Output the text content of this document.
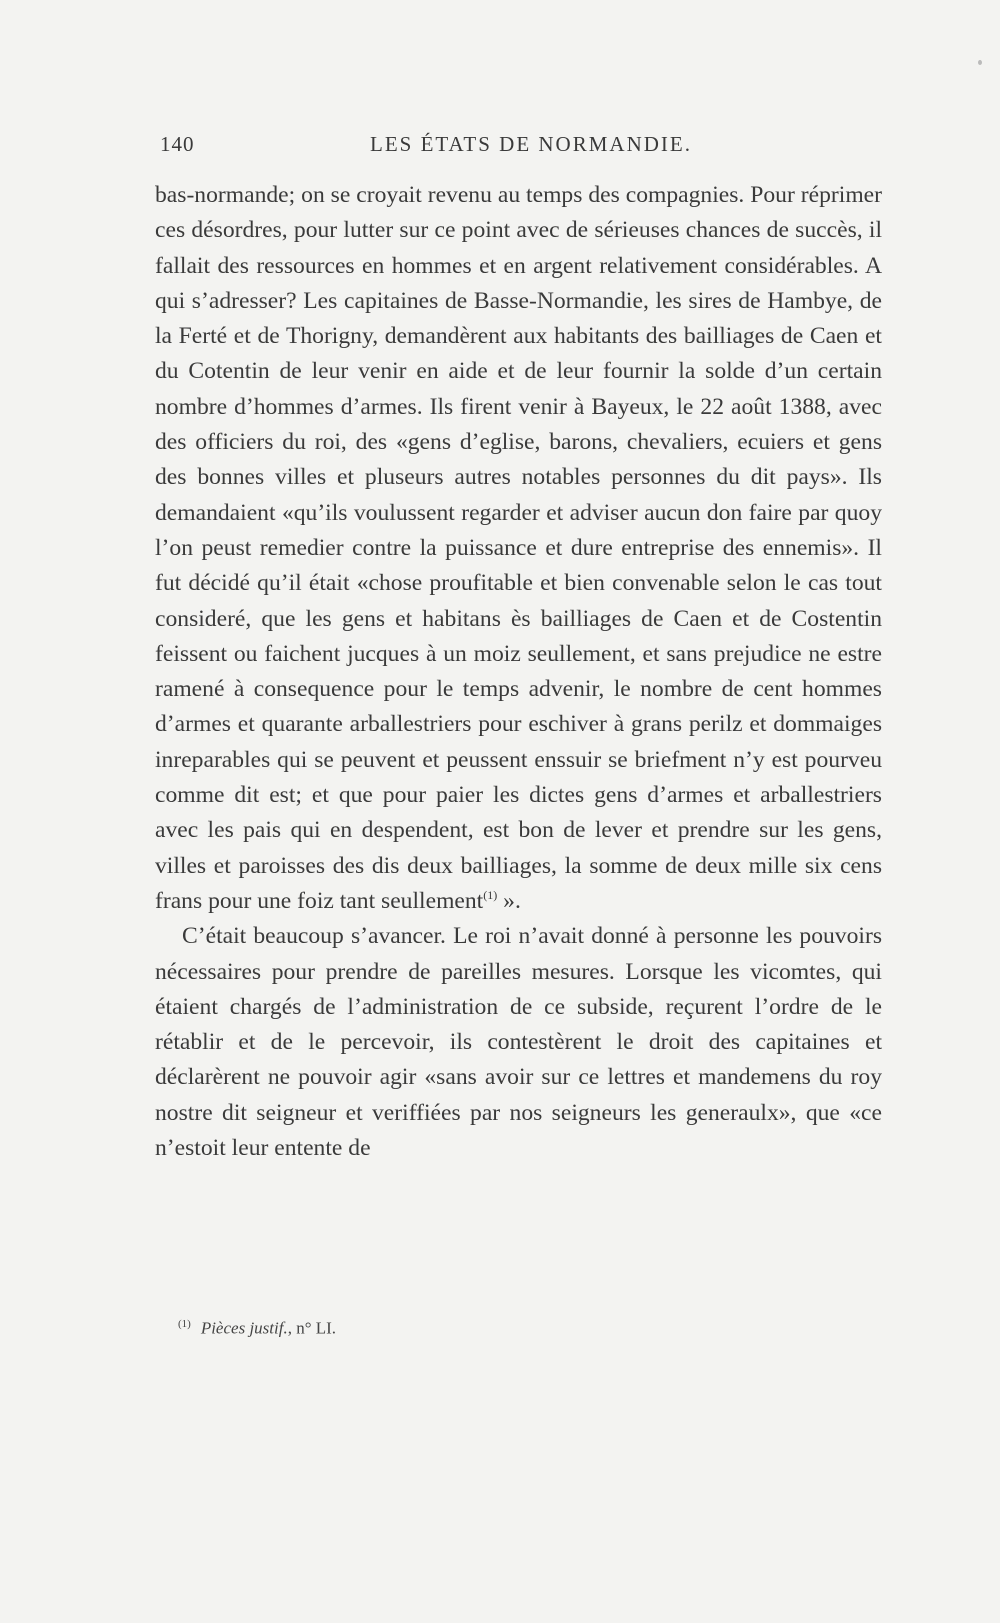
140	LES ÉTATS DE NORMANDIE.

bas-normande; on se croyait revenu au temps des compagnies. Pour réprimer ces désordres, pour lutter sur ce point avec de sérieuses chances de succès, il fallait des ressources en hommes et en argent relativement considérables. A qui s’adresser? Les capitaines de Basse-Normandie, les sires de Hambye, de la Ferté et de Thorigny, demandèrent aux habitants des bailliages de Caen et du Cotentin de leur venir en aide et de leur fournir la solde d’un certain nombre d’hommes d’armes. Ils firent venir à Bayeux, le 22 août 1388, avec des officiers du roi, des «gens d’eglise, barons, chevaliers, ecuiers et gens des bonnes villes et pluseurs autres notables personnes du dit pays». Ils demandaient «qu’ils voulussent regarder et adviser aucun don faire par quoy l’on peust remedier contre la puissance et dure entreprise des ennemis». Il fut décidé qu’il était «chose proufitable et bien convenable selon le cas tout consideré, que les gens et habitans ès bailliages de Caen et de Costentin feissent ou faichent jucques à un moiz seullement, et sans prejudice ne estre ramené à consequence pour le temps advenir, le nombre de cent hommes d’armes et quarante arballestriers pour eschiver à grans perilz et dommaiges inreparables qui se peuvent et peussent enssuir se briefment n’y est pourveu comme dit est; et que pour paier les dictes gens d’armes et arballestriers avec les pais qui en despendent, est bon de lever et prendre sur les gens, villes et paroisses des dis deux bailliages, la somme de deux mille six cens frans pour une foiz tant seullement$^{(1)}$ ».

C’était beaucoup s’avancer. Le roi n’avait donné à personne les pouvoirs nécessaires pour prendre de pareilles mesures. Lorsque les vicomtes, qui étaient chargés de l’administration de ce subside, reçurent l’ordre de le rétablir et de le percevoir, ils contestèrent le droit des capitaines et déclarèrent ne pouvoir agir «sans avoir sur ce lettres et mandemens du roy nostre dit seigneur et veriffiées par nos seigneurs les generaulx», que «ce n’estoit leur entente de

$^{(1)}$ Pièces justif., n° LI.
